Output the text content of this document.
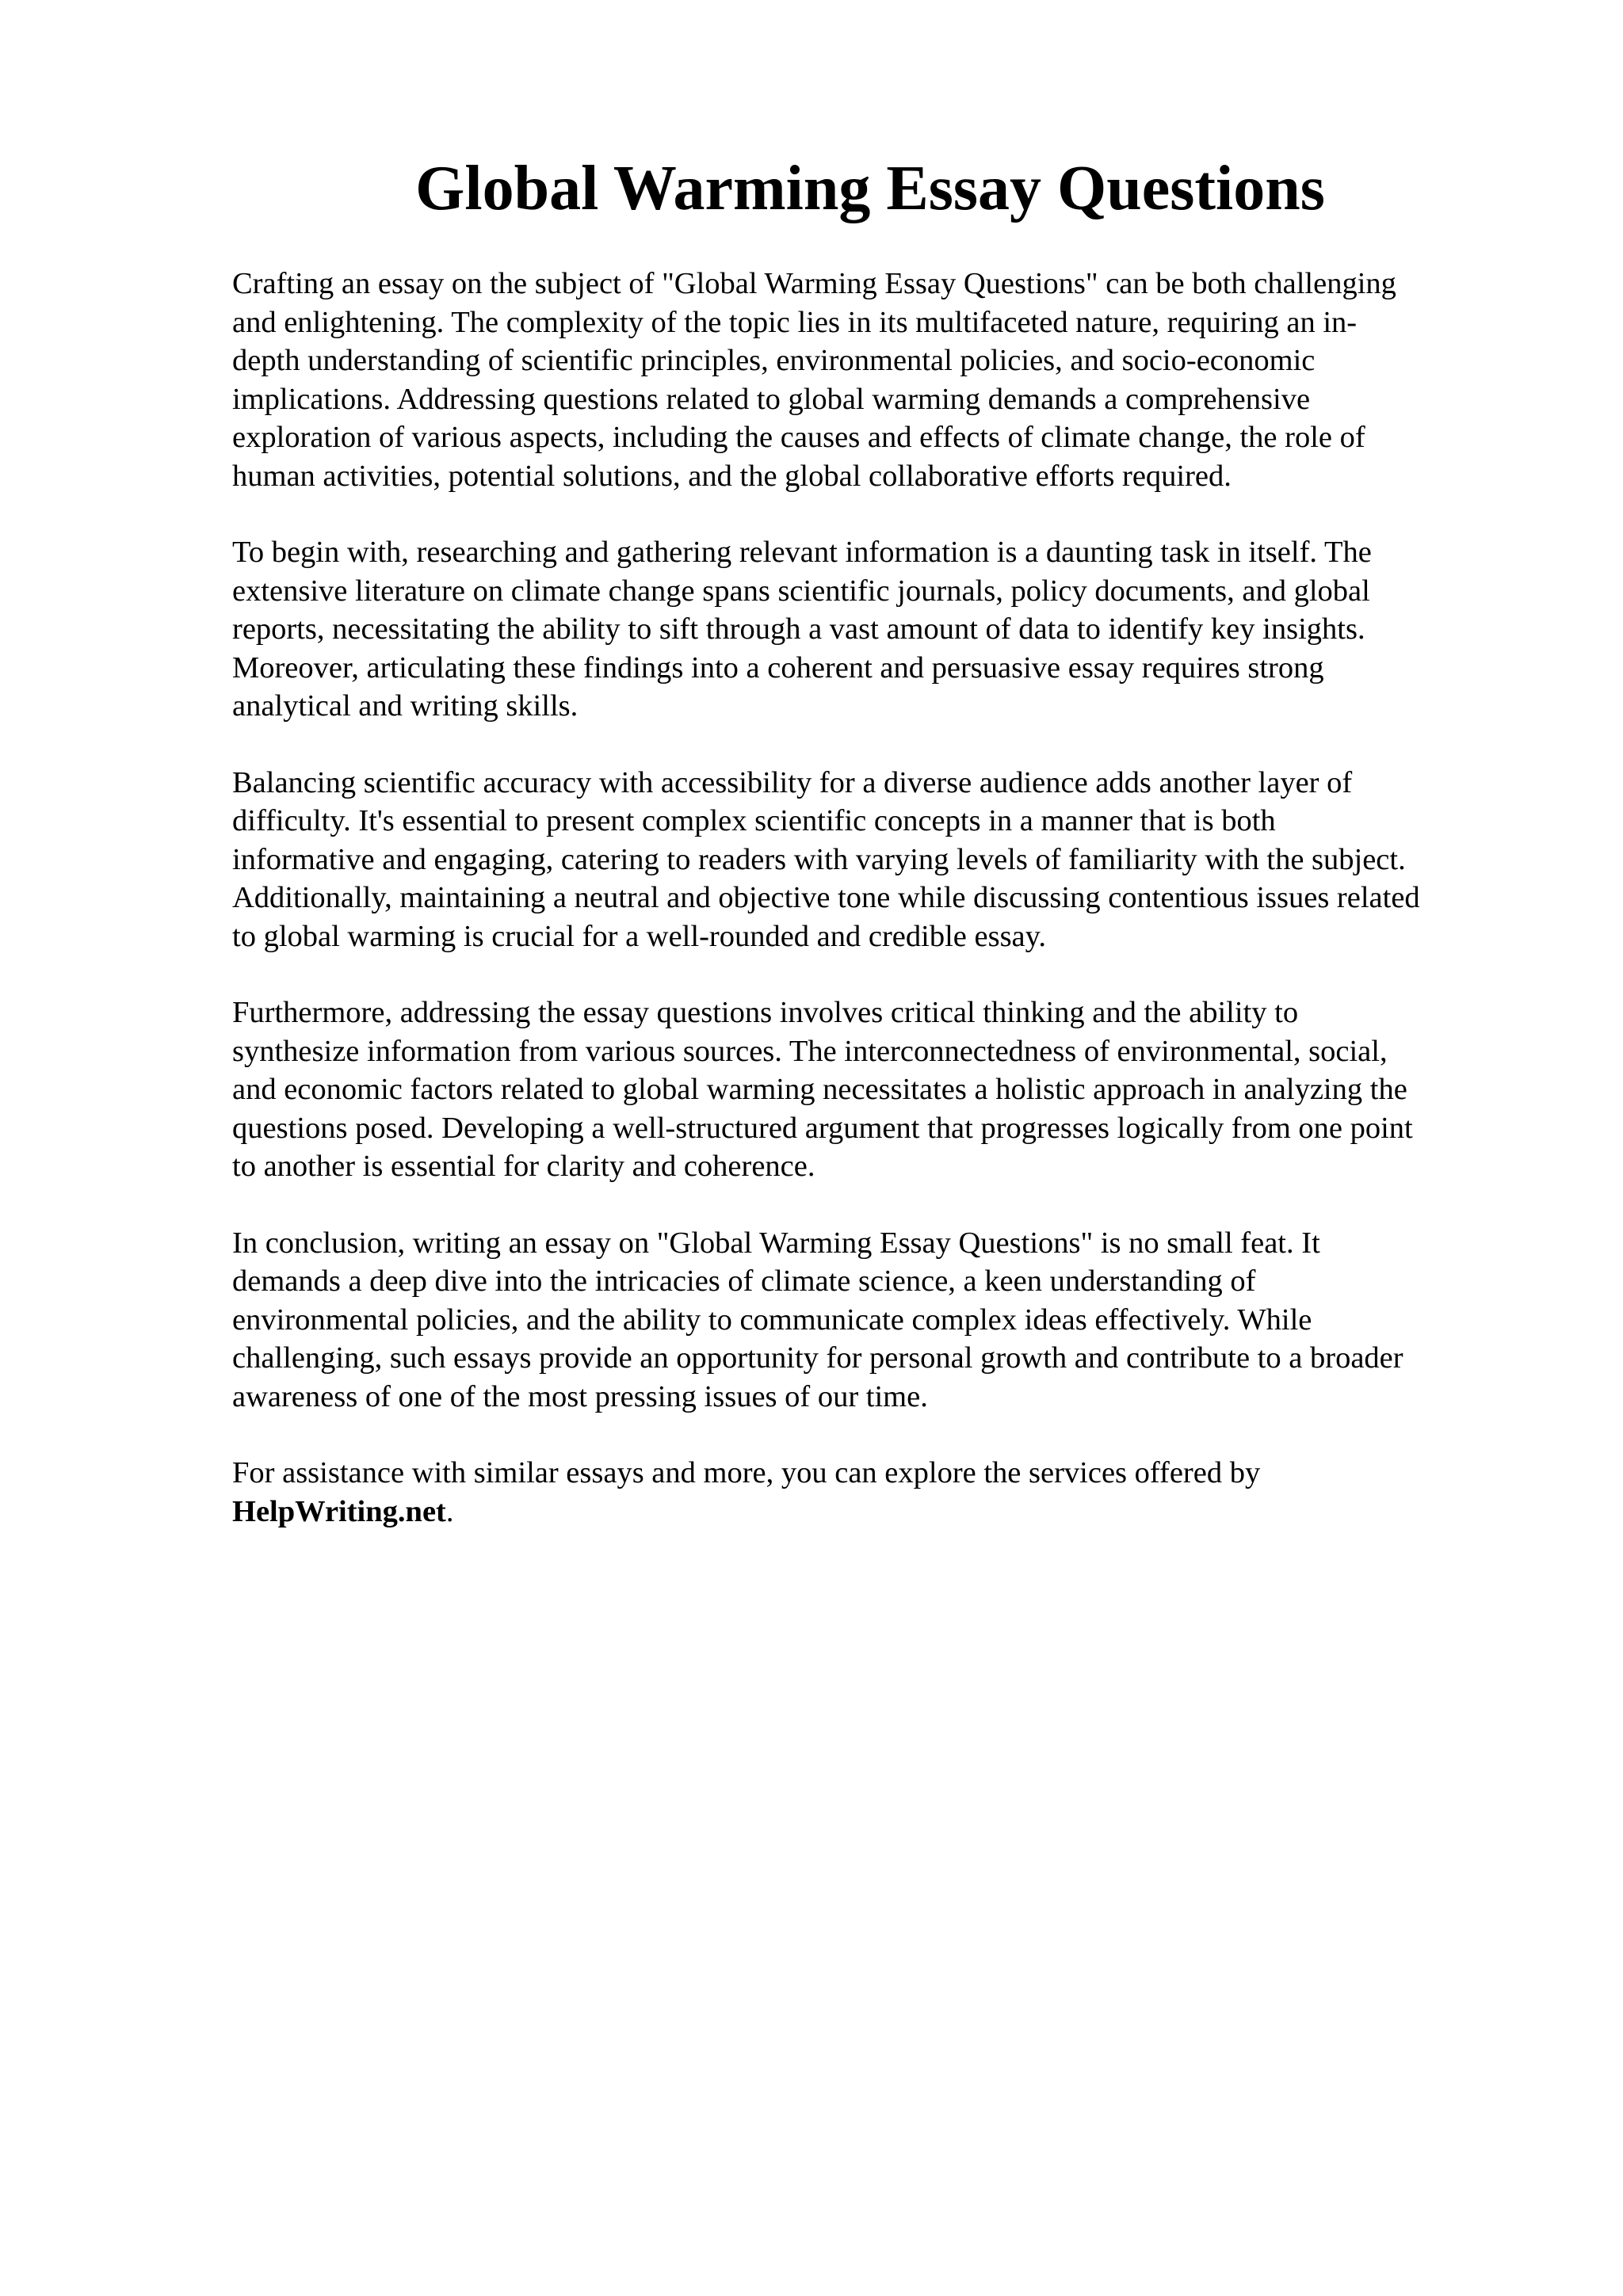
Global Warming Essay Questions

Crafting an essay on the subject of "Global Warming Essay Questions" can be both challenging
and enlightening. The complexity of the topic lies in its multifaceted nature, requiring an in-
depth understanding of scientific principles, environmental policies, and socio-economic
implications. Addressing questions related to global warming demands a comprehensive
exploration of various aspects, including the causes and effects of climate change, the role of
human activities, potential solutions, and the global collaborative efforts required.

To begin with, researching and gathering relevant information is a daunting task in itself. The
extensive literature on climate change spans scientific journals, policy documents, and global
reports, necessitating the ability to sift through a vast amount of data to identify key insights.
Moreover, articulating these findings into a coherent and persuasive essay requires strong
analytical and writing skills.

Balancing scientific accuracy with accessibility for a diverse audience adds another layer of
difficulty. It's essential to present complex scientific concepts in a manner that is both
informative and engaging, catering to readers with varying levels of familiarity with the subject.
Additionally, maintaining a neutral and objective tone while discussing contentious issues related
to global warming is crucial for a well-rounded and credible essay.

Furthermore, addressing the essay questions involves critical thinking and the ability to
synthesize information from various sources. The interconnectedness of environmental, social,
and economic factors related to global warming necessitates a holistic approach in analyzing the
questions posed. Developing a well-structured argument that progresses logically from one point
to another is essential for clarity and coherence.

In conclusion, writing an essay on "Global Warming Essay Questions" is no small feat. It
demands a deep dive into the intricacies of climate science, a keen understanding of
environmental policies, and the ability to communicate complex ideas effectively. While
challenging, such essays provide an opportunity for personal growth and contribute to a broader
awareness of one of the most pressing issues of our time.

For assistance with similar essays and more, you can explore the services offered by
HelpWriting.net.
